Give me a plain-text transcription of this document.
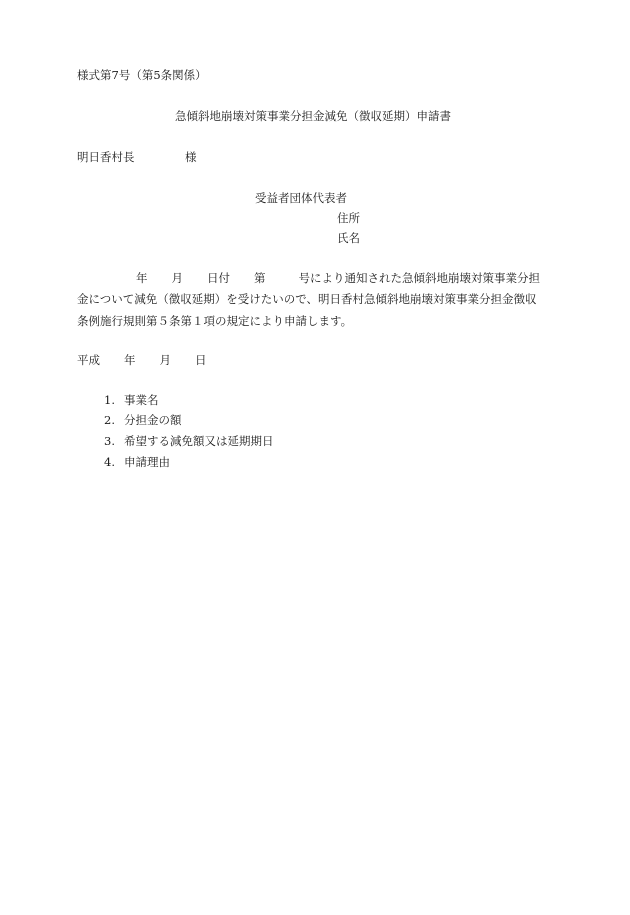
様式第7号（第5条関係）
急傾斜地崩壊対策事業分担金減免（徴収延期）申請書
明日香村長	様
受益者団体代表者
住所
氏名
年 月 日付 第	号により通知された急傾斜地崩壊対策事業分担
金について減免（徴収延期）を受けたいので、明日香村急傾斜地崩壊対策事業分担金徴収
条例施行規則第５条第１項の規定により申請します。
平成 年 月 日
1. 事業名
2. 分担金の額
3. 希望する減免額又は延期期日
4. 申請理由
